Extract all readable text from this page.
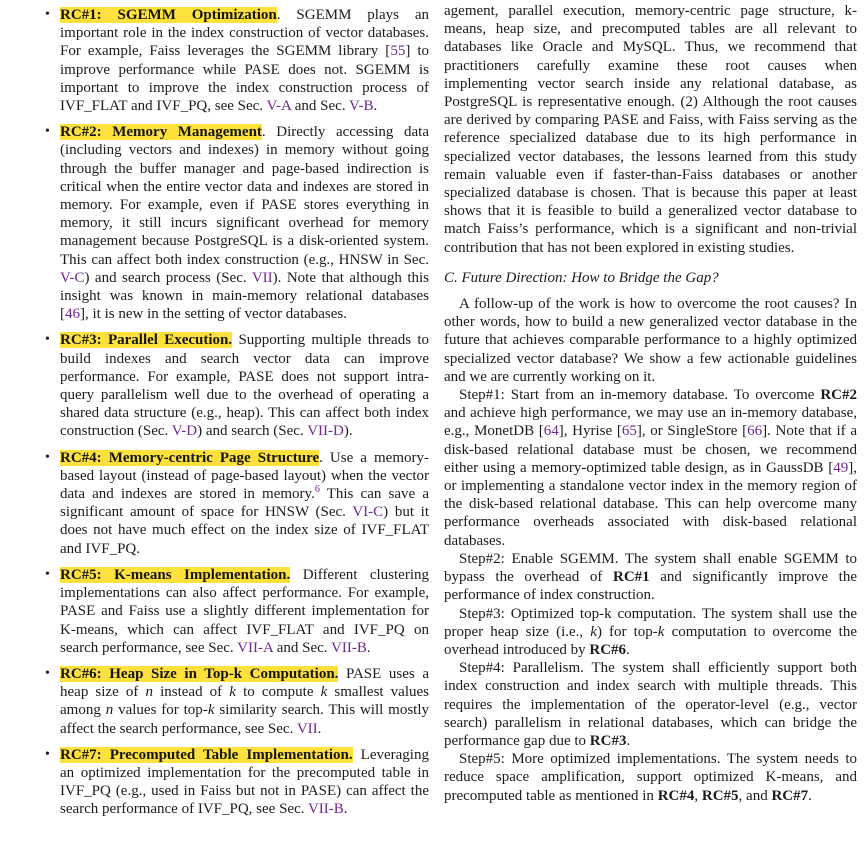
• RC#1: SGEMM Optimization. SGEMM plays an important role in the index construction of vector databases. For example, Faiss leverages the SGEMM library [55] to improve performance while PASE does not. SGEMM is important to improve the index construction process of IVF_FLAT and IVF_PQ, see Sec. V-A and Sec. V-B.
• RC#2: Memory Management. Directly accessing data (including vectors and indexes) in memory without going through the buffer manager and page-based indirection is critical when the entire vector data and indexes are stored in memory. For example, even if PASE stores everything in memory, it still incurs significant overhead for memory management because PostgreSQL is a disk-oriented system. This can affect both index construction (e.g., HNSW in Sec. V-C) and search process (Sec. VII). Note that although this insight was known in main-memory relational databases [46], it is new in the setting of vector databases.
• RC#3: Parallel Execution. Supporting multiple threads to build indexes and search vector data can improve performance. For example, PASE does not support intra-query parallelism well due to the overhead of operating a shared data structure (e.g., heap). This can affect both index construction (Sec. V-D) and search (Sec. VII-D).
• RC#4: Memory-centric Page Structure. Use a memory-based layout (instead of page-based layout) when the vector data and indexes are stored in memory.$^6$ This can save a significant amount of space for HNSW (Sec. VI-C) but it does not have much effect on the index size of IVF_FLAT and IVF_PQ.
• RC#5: K-means Implementation. Different clustering implementations can also affect performance. For example, PASE and Faiss use a slightly different implementation for K-means, which can affect IVF_FLAT and IVF_PQ on search performance, see Sec. VII-A and Sec. VII-B.
• RC#6: Heap Size in Top-k Computation. PASE uses a heap size of n instead of k to compute k smallest values among n values for top-k similarity search. This will mostly affect the search performance, see Sec. VII.
• RC#7: Precomputed Table Implementation. Leveraging an optimized implementation for the precomputed table in IVF_PQ (e.g., used in Faiss but not in PASE) can affect the search performance of IVF_PQ, see Sec. VII-B.

agement, parallel execution, memory-centric page structure, k-means, heap size, and precomputed tables are all relevant to databases like Oracle and MySQL. Thus, we recommend that practitioners carefully examine these root causes when implementing vector search inside any relational database, as PostgreSQL is representative enough. (2) Although the root causes are derived by comparing PASE and Faiss, with Faiss serving as the reference specialized database due to its high performance in specialized vector databases, the lessons learned from this study remain valuable even if faster-than-Faiss databases or another specialized database is chosen. That is because this paper at least shows that it is feasible to build a generalized vector database to match Faiss’s performance, which is a significant and non-trivial contribution that has not been explored in existing studies.

C. Future Direction: How to Bridge the Gap?

A follow-up of the work is how to overcome the root causes? In other words, how to build a new generalized vector database in the future that achieves comparable performance to a highly optimized specialized vector database? We show a few actionable guidelines and we are currently working on it.

Step#1: Start from an in-memory database. To overcome RC#2 and achieve high performance, we may use an in-memory database, e.g., MonetDB [64], Hyrise [65], or SingleStore [66]. Note that if a disk-based relational database must be chosen, we recommend either using a memory-optimized table design, as in GaussDB [49], or implementing a standalone vector index in the memory region of the disk-based relational database. This can help overcome many performance overheads associated with disk-based relational databases.

Step#2: Enable SGEMM. The system shall enable SGEMM to bypass the overhead of RC#1 and significantly improve the performance of index construction.

Step#3: Optimized top-k computation. The system shall use the proper heap size (i.e., k) for top-k computation to overcome the overhead introduced by RC#6.

Step#4: Parallelism. The system shall efficiently support both index construction and index search with multiple threads. This requires the implementation of the operator-level (e.g., vector search) parallelism in relational databases, which can bridge the performance gap due to RC#3.

Step#5: More optimized implementations. The system needs to reduce space amplification, support optimized K-means, and precomputed table as mentioned in RC#4, RC#5, and RC#7.
